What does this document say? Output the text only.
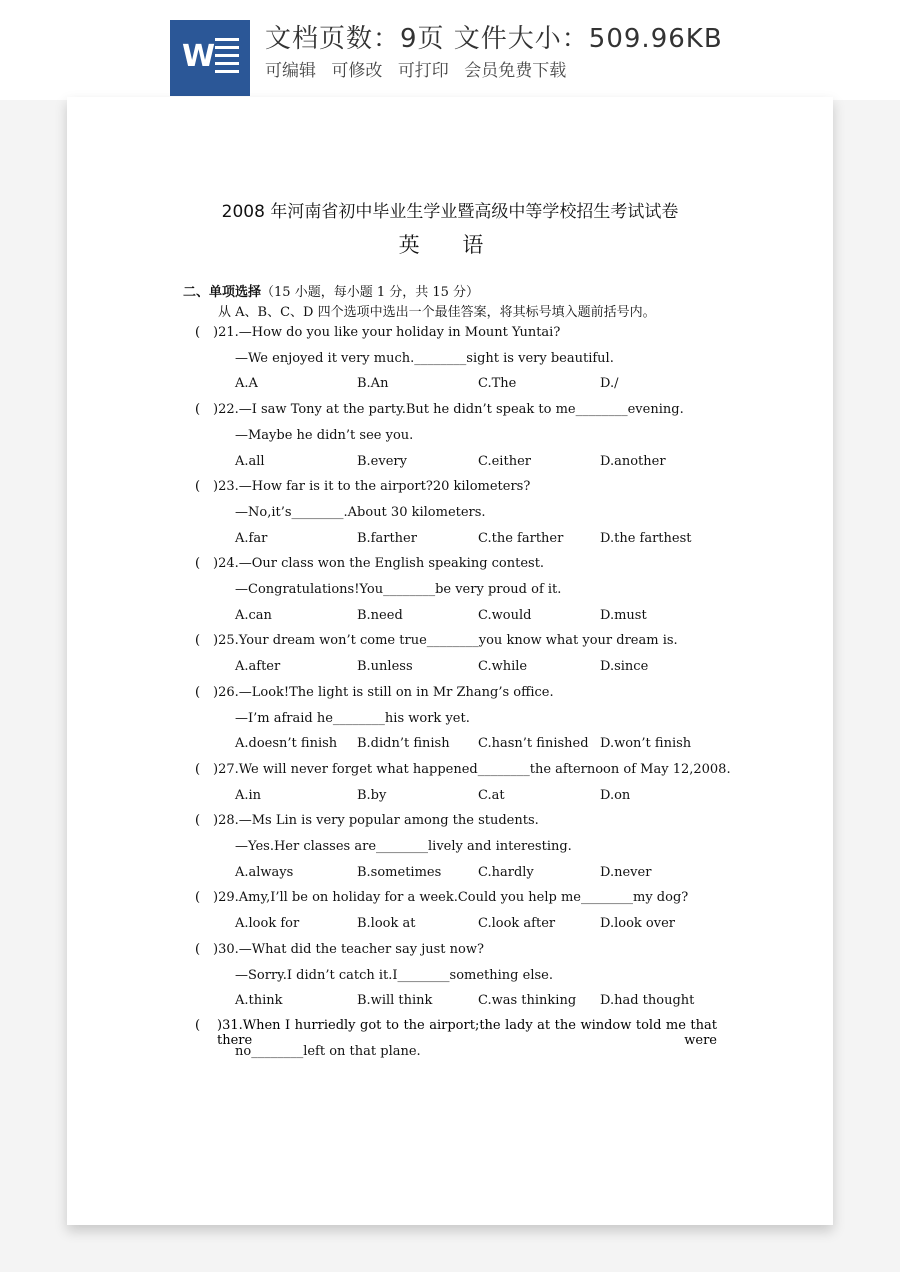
W 文档页数：9页 文件大小：509.96KB
可编辑 可修改 可打印 会员免费下载
2008 年河南省初中毕业生学业暨高级中等学校招生考试试卷
英 语
二、单项选择（15 小题，每小题 1 分，共 15 分）
从 A、B、C、D 四个选项中选出一个最佳答案，将其标号填入题前括号内。
( )21.—How do you like your holiday in Mount Yuntai?
—We enjoyed it very much.________sight is very beautiful.
A.A	B.An	C.The	D./
( )22.—I saw Tony at the party.But he didn’t speak to me________evening.
—Maybe he didn’t see you.
A.all	B.every	C.either	D.another
( )23.—How far is it to the airport?20 kilometers?
—No,it’s________.About 30 kilometers.
A.far	B.farther	C.the farther	D.the farthest
( )24.—Our class won the English speaking contest.
—Congratulations!You________be very proud of it.
A.can	B.need	C.would	D.must
( )25.Your dream won’t come true________you know what your dream is.
A.after	B.unless	C.while	D.since
( )26.—Look!The light is still on in Mr Zhang’s office.
—I’m afraid he________his work yet.
A.doesn’t finish B.didn’t finish C.hasn’t finished D.won’t finish
( )27.We will never forget what happened________the afternoon of May 12,2008.
A.in	B.by	C.at	D.on
( )28.—Ms Lin is very popular among the students.
—Yes.Her classes are________lively and interesting.
A.always	B.sometimes	C.hardly	D.never
( )29.Amy,I’ll be on holiday for a week.Could you help me________my dog?
A.look for	B.look at	C.look after	D.look over
( )30.—What did the teacher say just now?
—Sorry.I didn’t catch it.I________something else.
A.think	B.will think	C.was thinking D.had thought
( )31.When I hurriedly got to the airport;the lady at the window told me that there were
no________left on that plane.
